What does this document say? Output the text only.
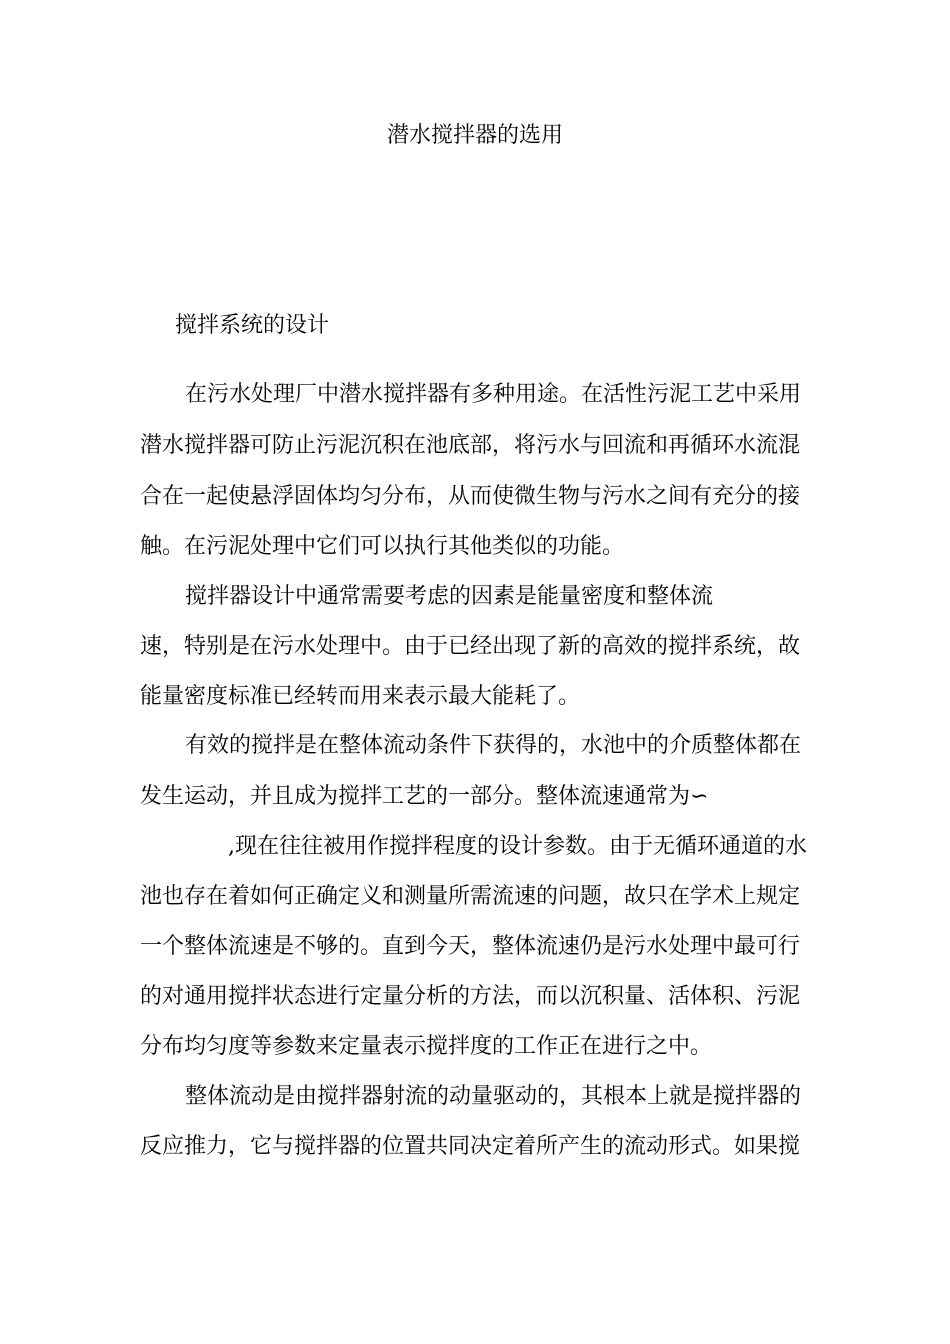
潜水搅拌器的选用
搅拌系统的设计
在污水处理厂中潜水搅拌器有多种用途。在活性污泥工艺中采用
潜水搅拌器可防止污泥沉积在池底部，将污水与回流和再循环水流混
合在一起使悬浮固体均匀分布，从而使微生物与污水之间有充分的接
触。在污泥处理中它们可以执行其他类似的功能。
搅拌器设计中通常需要考虑的因素是能量密度和整体流
速，特别是在污水处理中。由于已经出现了新的高效的搅拌系统，故
能量密度标准已经转而用来表示最大能耗了。
有效的搅拌是在整体流动条件下获得的，水池中的介质整体都在
发生运动，并且成为搅拌工艺的一部分。整体流速通常为∽
,现在往往被用作搅拌程度的设计参数。由于无循环通道的水
池也存在着如何正确定义和测量所需流速的问题，故只在学术上规定
一个整体流速是不够的。直到今天，整体流速仍是污水处理中最可行
的对通用搅拌状态进行定量分析的方法，而以沉积量、活体积、污泥
分布均匀度等参数来定量表示搅拌度的工作正在进行之中。
整体流动是由搅拌器射流的动量驱动的，其根本上就是搅拌器的
反应推力，它与搅拌器的位置共同决定着所产生的流动形式。如果搅
